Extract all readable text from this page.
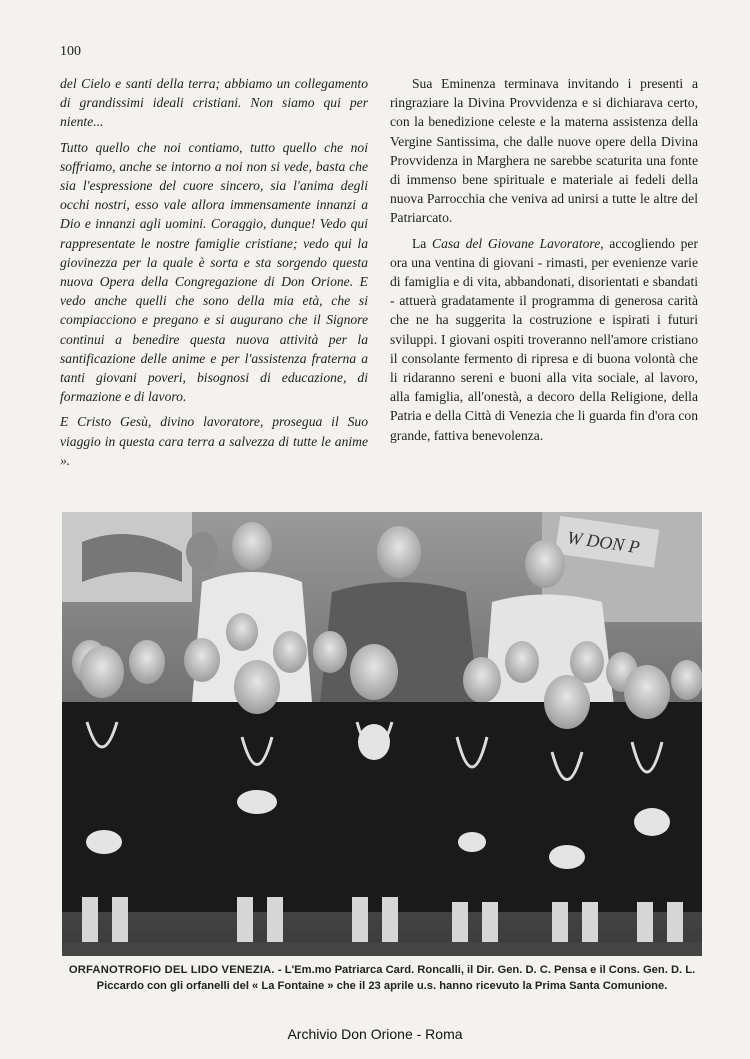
100

del Cielo e santi della terra; abbiamo un collegamento di grandissimi ideali cristiani. Non siamo qui per niente...

Tutto quello che noi contiamo, tutto quello che noi soffriamo, anche se intorno a noi non si vede, basta che sia l'espressione del cuore sincero, sia l'anima degli occhi nostri, esso vale allora immensamente innanzi a Dio e innanzi agli uomini. Coraggio, dunque! Vedo qui rappresentate le nostre famiglie cristiane; vedo qui la giovinezza per la quale è sorta e sta sorgendo questa nuova Opera della Congregazione di Don Orione. E vedo anche quelli che sono della mia età, che si compiacciono e pregano e si augurano che il Signore continui a benedire questa nuova attività per la santificazione delle anime e per l'assistenza fraterna a tanti giovani poveri, bisognosi di educazione, di formazione e di lavoro.

E Cristo Gesù, divino lavoratore, prosegua il Suo viaggio in questa cara terra a salvezza di tutte le anime ».

Sua Eminenza terminava invitando i presenti a ringraziare la Divina Provvidenza e si dichiarava certo, con la benedizione celeste e la materna assistenza della Vergine Santissima, che dalle nuove opere della Divina Provvidenza in Marghera ne sarebbe scaturita una fonte di immenso bene spirituale e materiale ai fedeli della nuova Parrocchia che veniva ad unirsi a tutte le altre del Patriarcato.

La Casa del Giovane Lavoratore, accogliendo per ora una ventina di giovani - rimasti, per evenienze varie di famiglia e di vita, abbandonati, disorientati e sbandati - attuerà gradatamente il programma di generosa carità che ne ha suggerita la costruzione e ispirati i futuri sviluppi. I giovani ospiti troveranno nell'amore cristiano il consolante fermento di ripresa e di buona volontà che li ridaranno sereni e buoni alla vita sociale, al lavoro, alla famiglia, all'onestà, a decoro della Religione, della Patria e della Città di Venezia che li guarda fin d'ora con grande, fattiva benevolenza.

W DON P
ORFANOTROFIO DEL LIDO VENEZIA. - L'Em.mo Patriarca Card. Roncalli, il Dir. Gen. D. C. Pensa e il Cons. Gen. D. L. Piccardo con gli orfanelli del « La Fontaine » che il 23 aprile u.s. hanno ricevuto la Prima Santa Comunione.
Archivio Don Orione - Roma
